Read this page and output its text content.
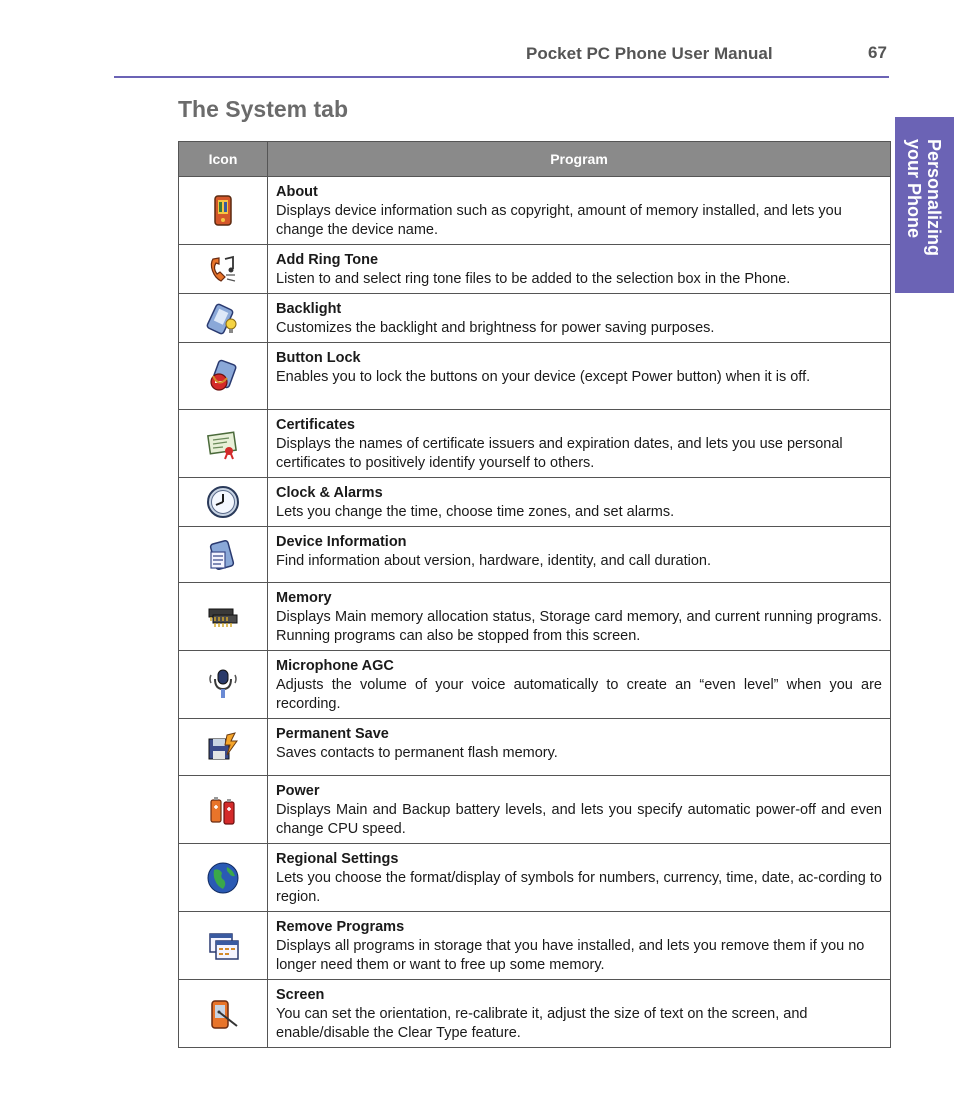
Pocket PC Phone User Manual	67
The System tab
Personalizing
your Phone
Icon	Program

About
Displays device information such as copyright, amount of memory installed, and lets you change the device name.

Add Ring Tone
Listen to and select ring tone files to be added to the selection box in the Phone.

Backlight
Customizes the backlight and brightness for power saving purposes.

Button Lock
Enables you to lock the buttons on your device (except Power button) when it is off.

Certificates
Displays the names of certificate issuers and expiration dates, and lets you use personal certificates to positively identify yourself to others.

Clock & Alarms
Lets you change the time, choose time zones, and set alarms.

Device Information
Find information about version, hardware, identity, and call duration.

Memory
Displays Main memory allocation status, Storage card memory, and current running programs. Running programs can also be stopped from this screen.

Microphone AGC
Adjusts the volume of your voice automatically to create an “even level” when you are recording.

Permanent Save
Saves contacts to permanent flash memory.

Power
Displays Main and Backup battery levels, and lets you specify automatic power-off and even change CPU speed.

Regional Settings
Lets you choose the format/display of symbols for numbers, currency, time, date, ac-cording to region.

Remove Programs
Displays all programs in storage that you have installed, and lets you remove them if you no longer need them or want to free up some memory.

Screen
You can set the orientation, re-calibrate it, adjust the size of text on the screen, and enable/disable the Clear Type feature.
